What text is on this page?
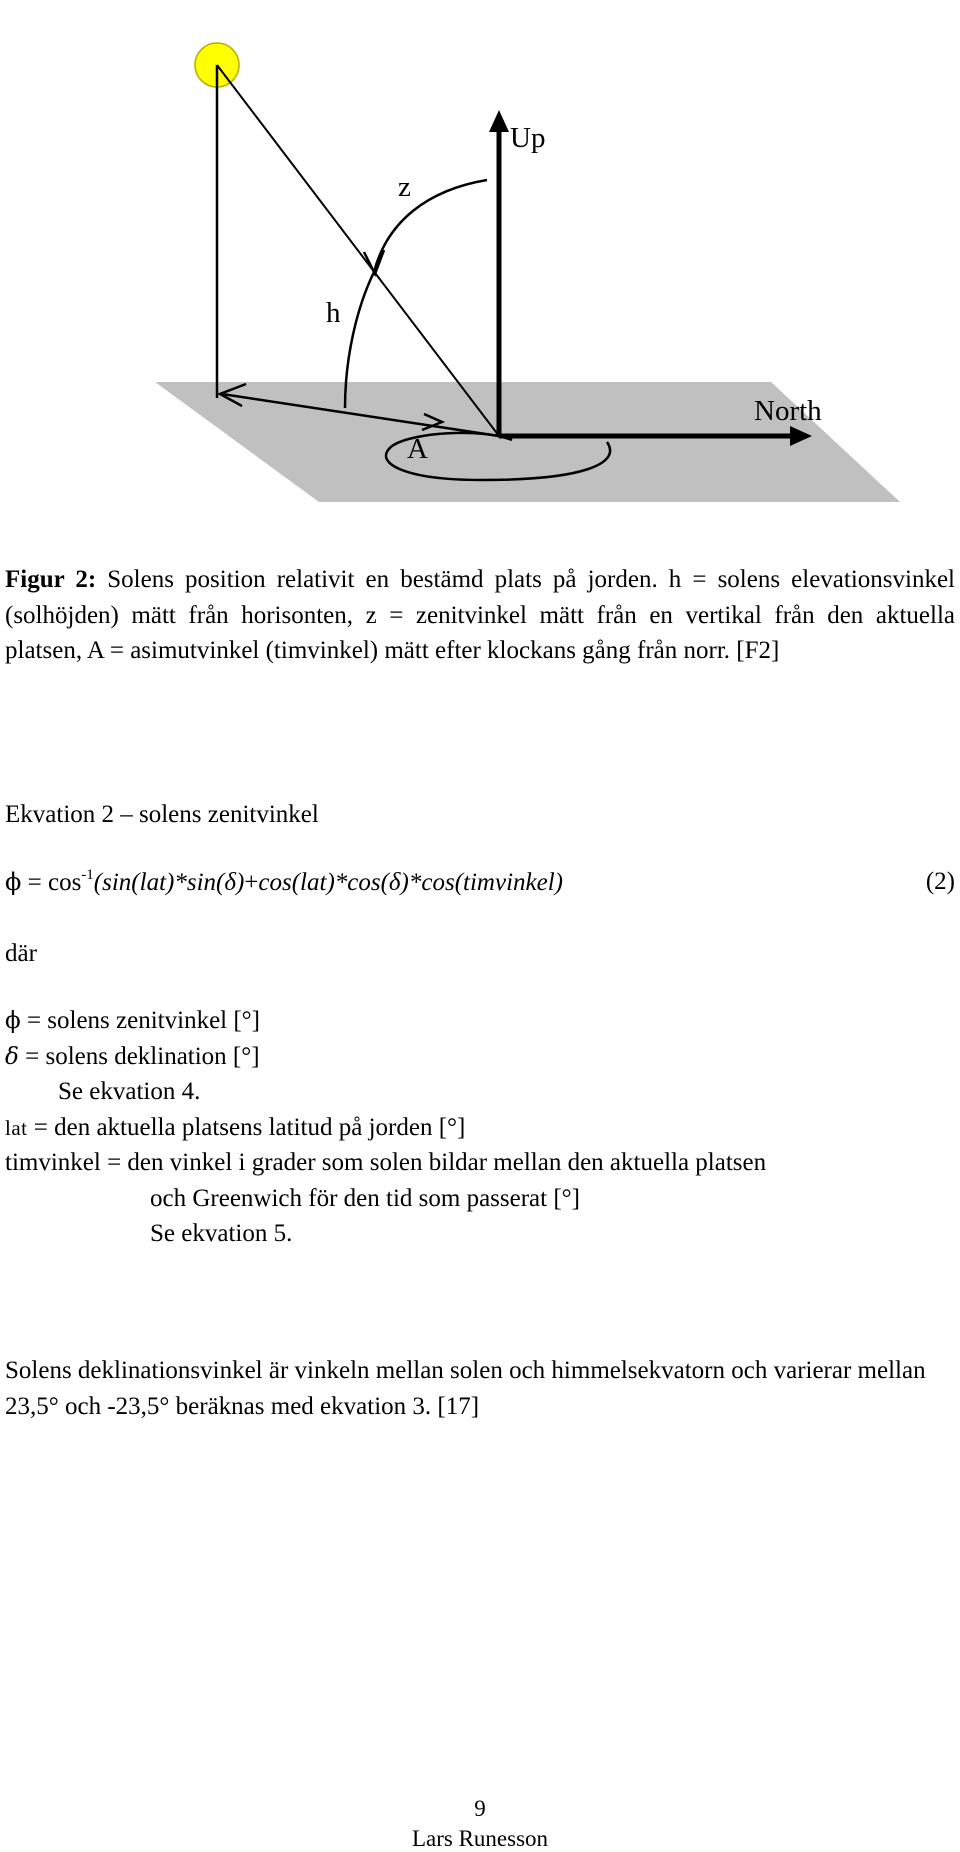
Up
North
z
h
A
Figur 2: Solens position relativit en bestämd plats på jorden. h = solens elevationsvinkel (solhöjden) mätt från horisonten, z = zenitvinkel mätt från en vertikal från den aktuella platsen, A = asimutvinkel (timvinkel) mätt efter klockans gång från norr. [F2]
Ekvation 2 – solens zenitvinkel
$\phi = \cos^{-1}(\sin(lat)*\sin(\delta)+\cos(lat)*\cos(\delta)*\cos(timvinkel)$	(2)
där
ϕ = solens zenitvinkel [°]
δ = solens deklination [°]
Se ekvation 4.
lat = den aktuella platsens latitud på jorden [°]
timvinkel = den vinkel i grader som solen bildar mellan den aktuella platsen
och Greenwich för den tid som passerat [°]
Se ekvation 5.
Solens deklinationsvinkel är vinkeln mellan solen och himmelsekvatorn och varierar mellan 23,5° och -23,5° beräknas med ekvation 3. [17]
9
Lars Runesson
